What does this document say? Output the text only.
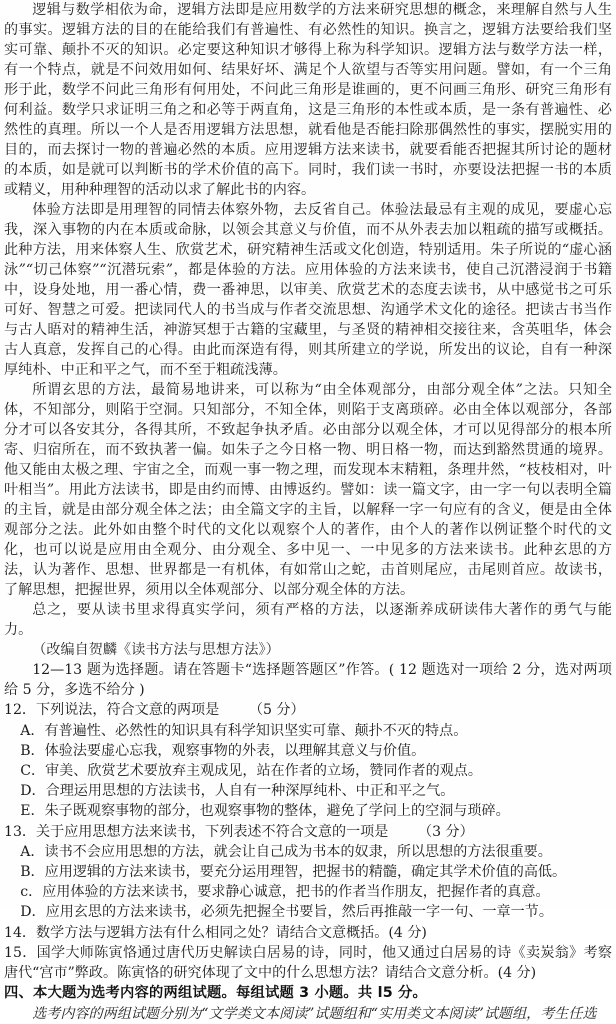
逻辑与数学相依为命，逻辑方法即是应用数学的方法来研究思想的概念，来理解自然与人生的事实。逻辑方法的目的在能给我们有普遍性、有必然性的知识。换言之，逻辑方法要给我们坚实可靠、颠扑不灭的知识。必定要这种知识才够得上称为科学知识。逻辑方法与数学方法一样，有一个特点，就是不问效用如何、结果好坏、满足个人欲望与否等实用问题。譬如，有一个三角形于此，数学不问此三角形有何用处，不问此三角形是谁画的，更不问画三角形、研究三角形有何利益。数学只求证明三角之和必等于两直角，这是三角形的本性或本质，是一条有普遍性、必然性的真理。所以一个人是否用逻辑方法思想，就看他是否能扫除那偶然性的事实，摆脱实用的目的，而去探讨一物的普遍必然的本质。应用逻辑方法来读书，就要看能否把握其所讨论的题材的本质，如是就可以判断书的学术价值的高下。同时，我们读一书时，亦要设法把握一书的本质或精义，用种种理智的活动以求了解此书的内容。

体验方法即是用理智的同情去体察外物，去反省自己。体验法最忌有主观的成见，要虚心忘我，深入事物的内在本质或命脉，以领会其意义与价值，而不从外表去加以粗疏的描写或概括。此种方法，用来体察人生、欣赏艺术，研究精神生活或文化创造，特别适用。朱子所说的“虚心涵泳”“切己体察”“沉潜玩索”，都是体验的方法。应用体验的方法来读书，使自己沉潜浸润于书籍中，设身处地，用一番心情，费一番神思，以审美、欣赏艺术的态度去读书，从中感觉书之可乐可好、智慧之可爱。把读同代人的书当成与作者交流思想、沟通学术文化的途径。把读古书当作与古人晤对的精神生活，神游冥想于古籍的宝藏里，与圣贤的精神相交接往来，含英咀华，体会古人真意，发挥自己的心得。由此而深造有得，则其所建立的学说，所发出的议论，自有一种深厚纯朴、中正和平之气，而不至于粗疏浅薄。

所谓玄思的方法，最简易地讲来，可以称为“由全体观部分，由部分观全体”之法。只知全体，不知部分，则陷于空洞。只知部分，不知全体，则陷于支离琐碎。必由全体以观部分，各部分才可以各安其分，各得其所，不致起争执矛盾。必由部分以观全体，才可以见得部分的根本所寄、归宿所在，而不致执著一偏。如朱子之今日格一物、明日格一物，而达到豁然贯通的境界。他又能由太极之理、宇宙之全，而观一事一物之理，而发现本末精粗，条理井然，“枝枝相对，叶叶相当”。用此方法读书，即是由约而博、由博返约。譬如：读一篇文字，由一字一句以表明全篇的主旨，就是由部分观全体之法；由全篇文字的主旨，以解释一字一句应有的含义，便是由全体观部分之法。此外如由整个时代的文化以观察个人的著作，由个人的著作以例证整个时代的文化，也可以说是应用由全观分、由分观全、多中见一、一中见多的方法来读书。此种玄思的方法，认为著作、思想、世界都是一有机体，有如常山之蛇，击首则尾应，击尾则首应。故读书，了解思想，把握世界，须用以全体观部分、以部分观全体的方法。

总之，要从读书里求得真实学问，须有严格的方法，以逐渐养成研读伟大著作的勇气与能力。

（改编自贺麟《读书方法与思想方法》）

12—13 题为选择题。请在答题卡“选择题答题区”作答。( 12 题选对一项给 2 分，选对两项给 5 分，多选不给分 )

12．下列说法，符合文意的两项是 （5 分）

A．有普遍性、必然性的知识具有科学知识坚实可靠、颠扑不灭的特点。

B．体验法要虚心忘我，观察事物的外表，以理解其意义与价值。

C．审美、欣赏艺术要放弃主观成见，站在作者的立场，赞同作者的观点。

D．合理运用思想的方法读书，人自有一种深厚纯朴、中正和平之气。

E．朱子既观察事物的部分，也观察事物的整体，避免了学问上的空洞与琐碎。

13．关于应用思想方法来读书，下列表述不符合文意的一项是 （3 分）

A．读书不会应用思想的方法，就会让自己成为书本的奴隶，所以思想的方法很重要。

B．应用逻辑的方法来读书，要充分运用理智，把握书的精髓，确定其学术价值的高低。

c．应用体验的方法来读书，要求静心诚意，把书的作者当作朋友，把握作者的真意。

D．应用玄思的方法来读书，必须先把握全书要旨，然后再推敲一字一句、一章一节。

14．数学方法与逻辑方法有什么相同之处？请结合文意概括。(4 分)

15．国学大师陈寅恪通过唐代历史解读白居易的诗，同时，他又通过白居易的诗《卖炭翁》考察唐代“宫市”弊政。陈寅恪的研究体现了文中的什么思想方法？请结合文意分析。(4 分)

四、本大题为选考内容的两组试题。每组试题 3 小题。共 l5 分。

选考内容的两组试题分别为“文学类文本阅读”试题组和“实用类文本阅读”试题组，考生任选
